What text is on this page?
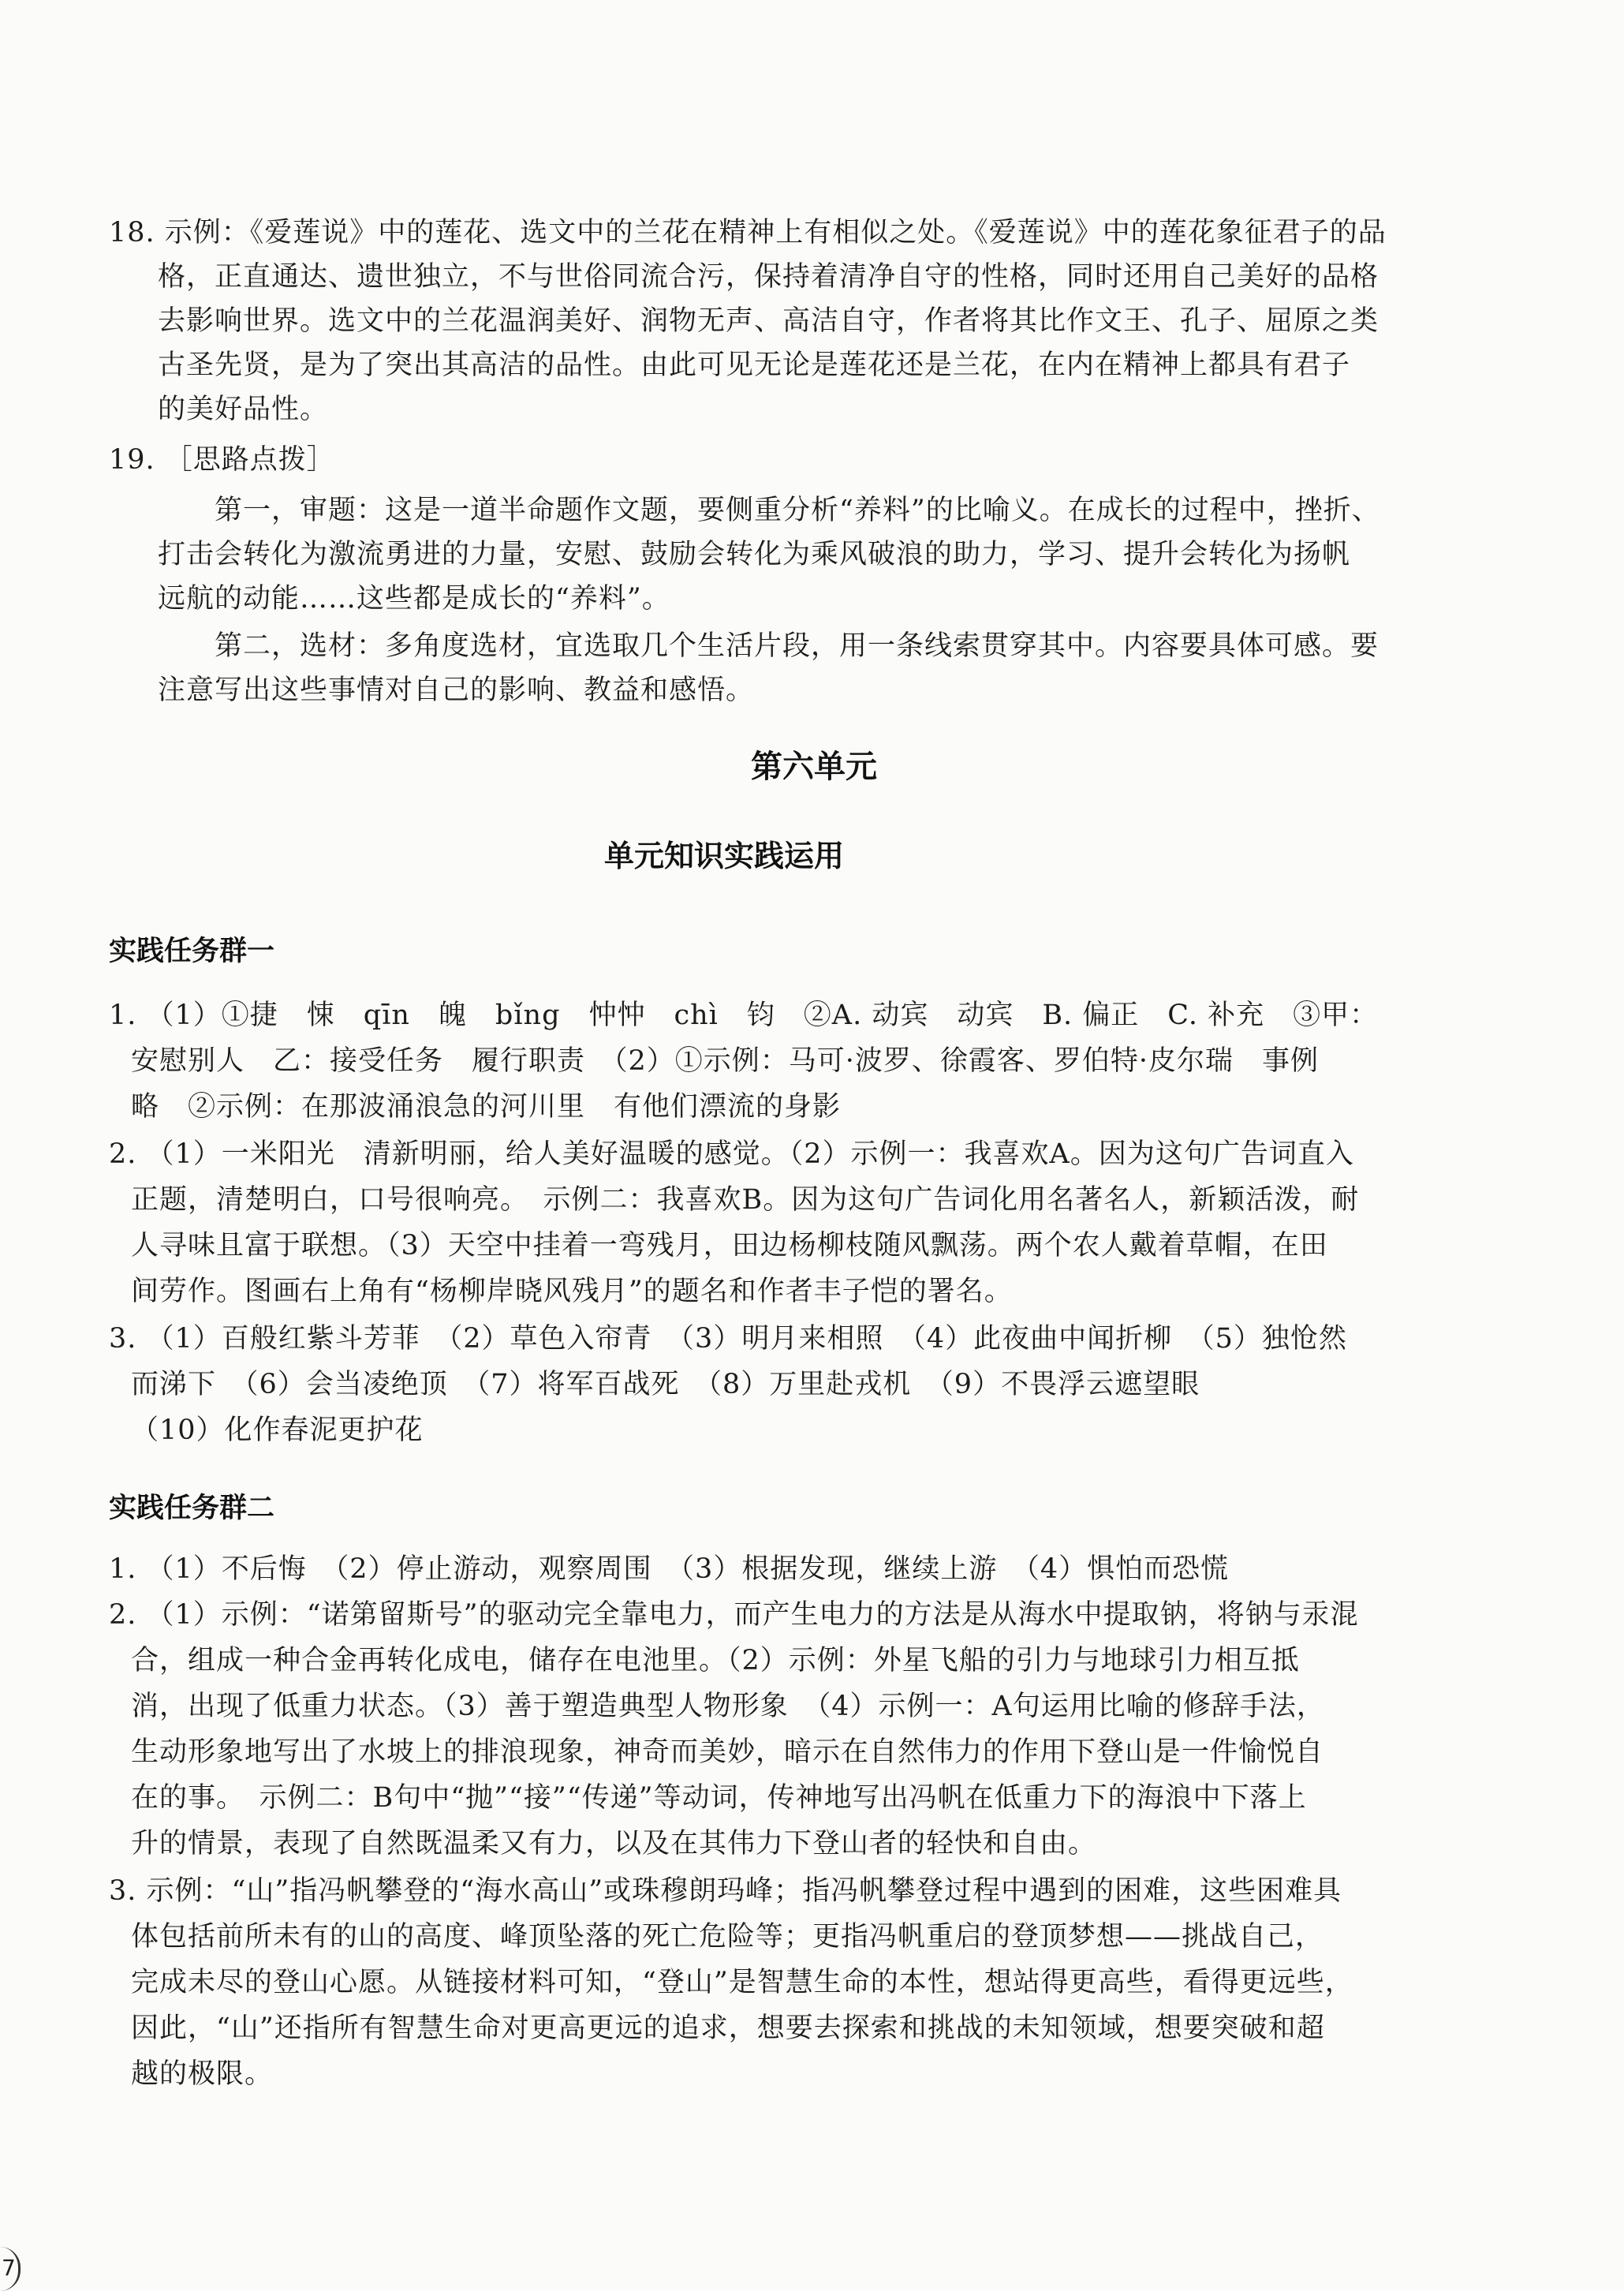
18. 示例：《爱莲说》中的莲花、选文中的兰花在精神上有相似之处。《爱莲说》中的莲花象征君子的品
格，正直通达、遗世独立，不与世俗同流合污，保持着清净自守的性格，同时还用自己美好的品格
去影响世界。选文中的兰花温润美好、润物无声、高洁自守，作者将其比作文王、孔子、屈原之类
古圣先贤，是为了突出其高洁的品性。由此可见无论是莲花还是兰花，在内在精神上都具有君子
的美好品性。
19. ［思路点拨］
第一，审题：这是一道半命题作文题，要侧重分析“养料”的比喻义。在成长的过程中，挫折、
打击会转化为激流勇进的力量，安慰、鼓励会转化为乘风破浪的助力，学习、提升会转化为扬帆
远航的动能……这些都是成长的“养料”。
第二，选材：多角度选材，宜选取几个生活片段，用一条线索贯穿其中。内容要具体可感。要
注意写出这些事情对自己的影响、教益和感悟。
第六单元
单元知识实践运用
实践任务群一
1. （1）①捷　悚　qīn　魄　bǐng　忡忡　chì　钧　②A. 动宾　动宾　B. 偏正　C. 补充　③甲：
安慰别人　乙：接受任务　履行职责　（2）①示例：马可·波罗、徐霞客、罗伯特·皮尔瑞　事例
略　②示例：在那波涌浪急的河川里　有他们漂流的身影
2. （1）一米阳光　清新明丽，给人美好温暖的感觉。（2）示例一：我喜欢A。因为这句广告词直入
正题，清楚明白，口号很响亮。　示例二：我喜欢B。因为这句广告词化用名著名人，新颖活泼，耐
人寻味且富于联想。（3）天空中挂着一弯残月，田边杨柳枝随风飘荡。两个农人戴着草帽，在田
间劳作。图画右上角有“杨柳岸晓风残月”的题名和作者丰子恺的署名。
3. （1）百般红紫斗芳菲　（2）草色入帘青　（3）明月来相照　（4）此夜曲中闻折柳　（5）独怆然
而涕下　（6）会当凌绝顶　（7）将军百战死　（8）万里赴戎机　（9）不畏浮云遮望眼
（10）化作春泥更护花
实践任务群二
1. （1）不后悔　（2）停止游动，观察周围　（3）根据发现，继续上游　（4）惧怕而恐慌
2. （1）示例：“诺第留斯号”的驱动完全靠电力，而产生电力的方法是从海水中提取钠，将钠与汞混
合，组成一种合金再转化成电，储存在电池里。（2）示例：外星飞船的引力与地球引力相互抵
消，出现了低重力状态。（3）善于塑造典型人物形象　（4）示例一：A句运用比喻的修辞手法，
生动形象地写出了水坡上的排浪现象，神奇而美妙，暗示在自然伟力的作用下登山是一件愉悦自
在的事。　示例二：B句中“抛”“接”“传递”等动词，传神地写出冯帆在低重力下的海浪中下落上
升的情景，表现了自然既温柔又有力，以及在其伟力下登山者的轻快和自由。
3. 示例：“山”指冯帆攀登的“海水高山”或珠穆朗玛峰；指冯帆攀登过程中遇到的困难，这些困难具
体包括前所未有的山的高度、峰顶坠落的死亡危险等；更指冯帆重启的登顶梦想——挑战自己，
完成未尽的登山心愿。从链接材料可知，“登山”是智慧生命的本性，想站得更高些，看得更远些，
因此，“山”还指所有智慧生命对更高更远的追求，想要去探索和挑战的未知领域，想要突破和超
越的极限。
7
